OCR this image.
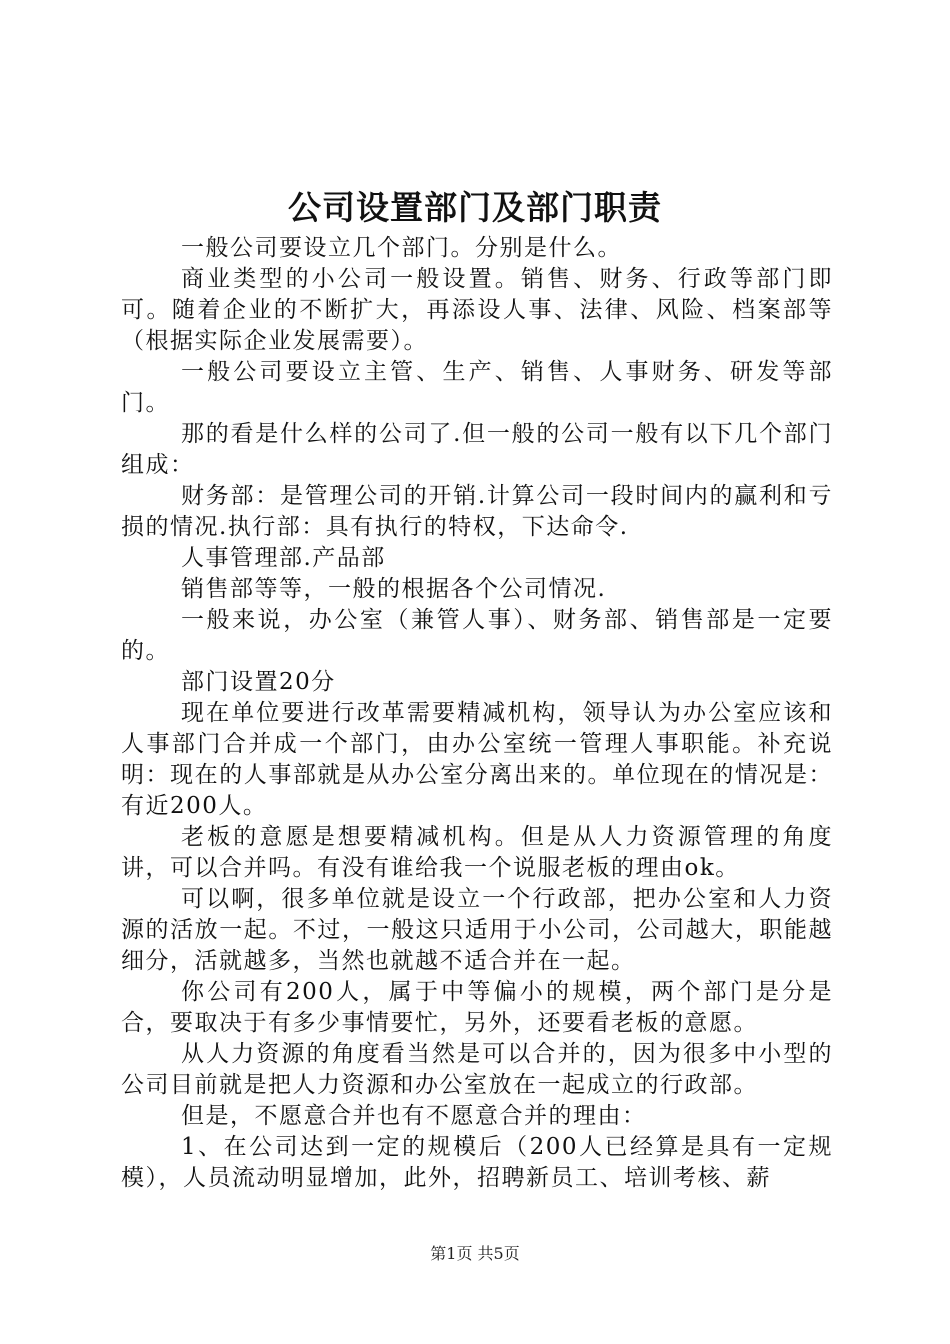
公司设置部门及部门职责

一般公司要设立几个部门。分别是什么。

商业类型的小公司一般设置。销售、财务、行政等部门即可。随着企业的不断扩大，再添设人事、法律、风险、档案部等（根据实际企业发展需要）。

一般公司要设立主管、生产、销售、人事财务、研发等部门。

那的看是什么样的公司了.但一般的公司一般有以下几个部门组成：

财务部：是管理公司的开销.计算公司一段时间内的赢利和亏损的情况.执行部：具有执行的特权，下达命令.

人事管理部.产品部

销售部等等，一般的根据各个公司情况.

一般来说，办公室（兼管人事）、财务部、销售部是一定要的。

部门设置20分

现在单位要进行改革需要精减机构，领导认为办公室应该和人事部门合并成一个部门，由办公室统一管理人事职能。补充说明：现在的人事部就是从办公室分离出来的。单位现在的情况是：有近200人。

老板的意愿是想要精减机构。但是从人力资源管理的角度讲，可以合并吗。有没有谁给我一个说服老板的理由ok。

可以啊，很多单位就是设立一个行政部，把办公室和人力资源的活放一起。不过，一般这只适用于小公司，公司越大，职能越细分，活就越多，当然也就越不适合并在一起。

你公司有200人，属于中等偏小的规模，两个部门是分是合，要取决于有多少事情要忙，另外，还要看老板的意愿。

从人力资源的角度看当然是可以合并的，因为很多中小型的公司目前就是把人力资源和办公室放在一起成立的行政部。

但是，不愿意合并也有不愿意合并的理由：

1、在公司达到一定的规模后（200人已经算是具有一定规模），人员流动明显增加，此外，招聘新员工、培训考核、薪

第1页 共5页
